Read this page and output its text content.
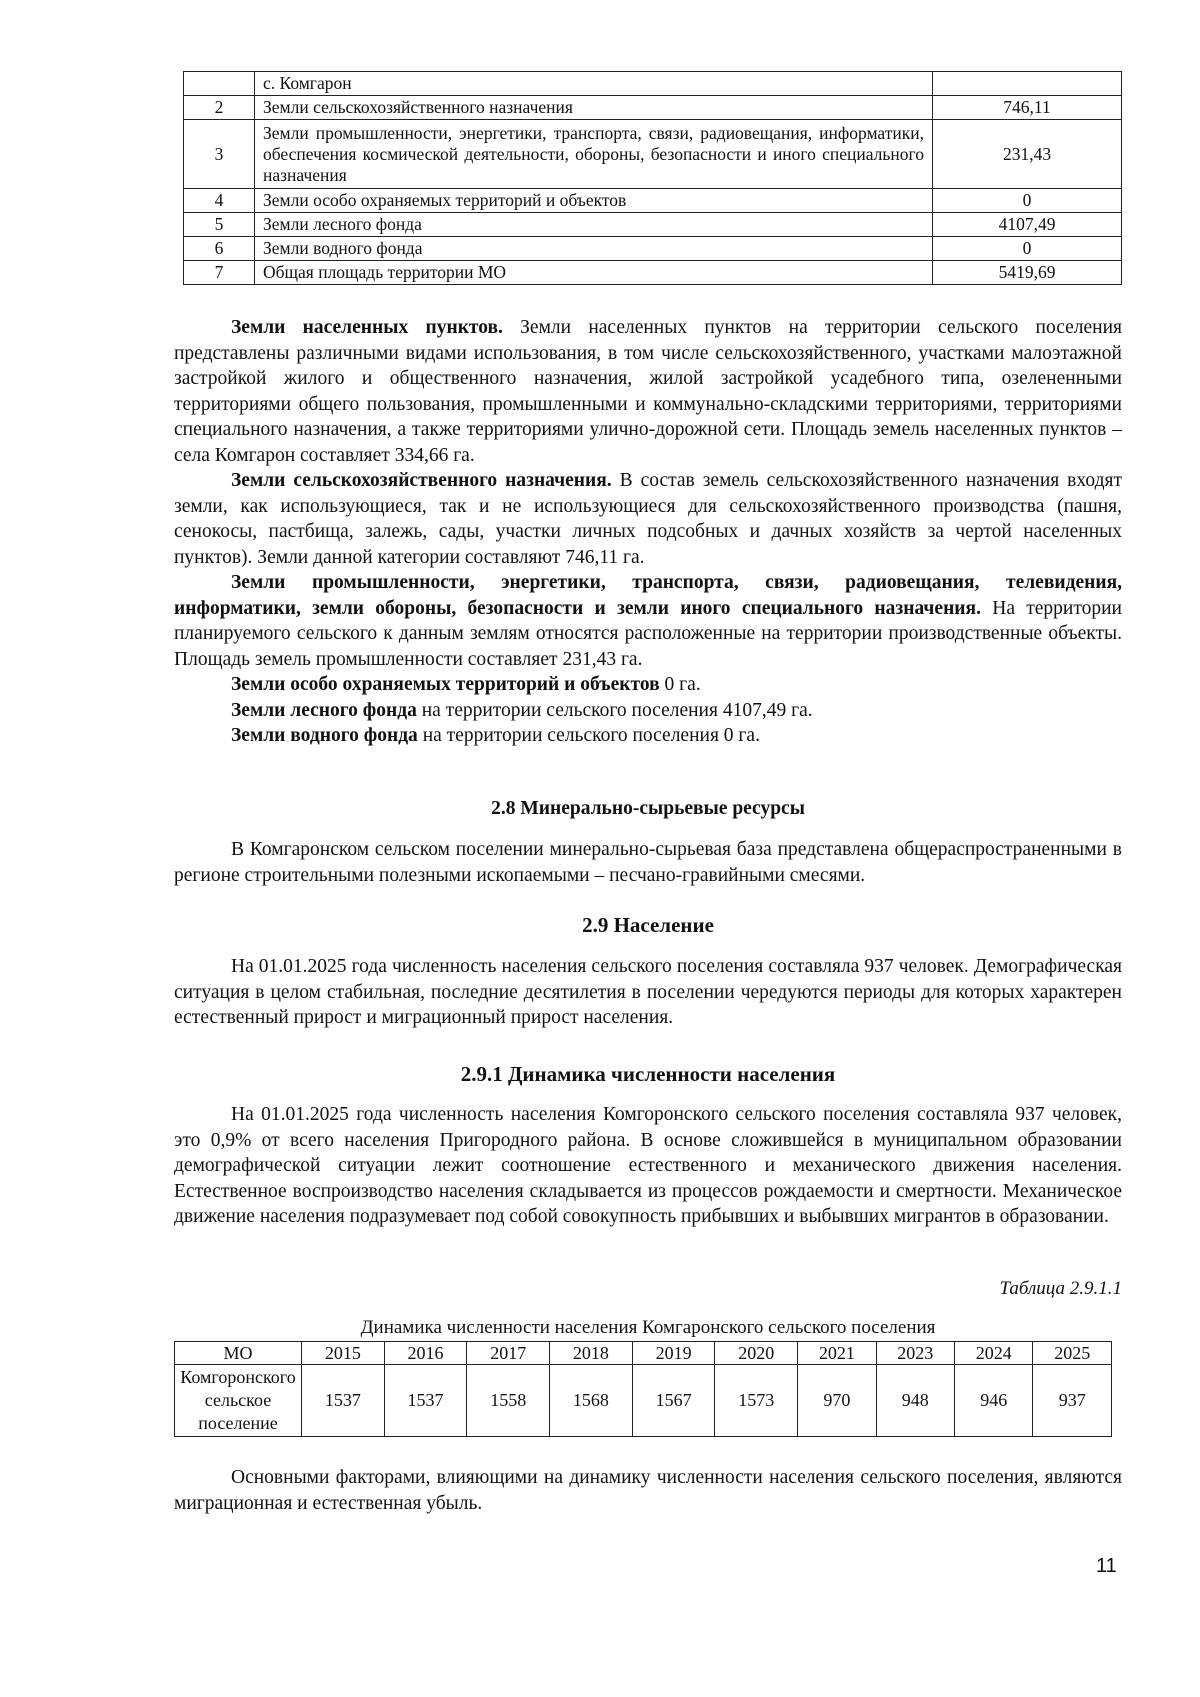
	с. Комгарон	
2	Земли сельскохозяйственного назначения	746,11
3	Земли промышленности, энергетики, транспорта, связи, радиовещания, информатики, обеспечения космической деятельности, обороны, безопасности и иного специального назначения	231,43
4	Земли особо охраняемых территорий и объектов	0
5	Земли лесного фонда	4107,49
6	Земли водного фонда	0
7	Общая площадь территории МО	5419,69

Земли населенных пунктов. Земли населенных пунктов на территории сельского поселения представлены различными видами использования, в том числе сельскохозяйственного, участками малоэтажной застройкой жилого и общественного назначения, жилой застройкой усадебного типа, озелененными территориями общего пользования, промышленными и коммунально-складскими территориями, территориями специального назначения, а также территориями улично-дорожной сети. Площадь земель населенных пунктов – села Комгарон составляет 334,66 га.

Земли сельскохозяйственного назначения. В состав земель сельскохозяйственного назначения входят земли, как использующиеся, так и не использующиеся для сельскохозяйственного производства (пашня, сенокосы, пастбища, залежь, сады, участки личных подсобных и дачных хозяйств за чертой населенных пунктов). Земли данной категории составляют 746,11 га.

Земли промышленности, энергетики, транспорта, связи, радиовещания, телевидения, информатики, земли обороны, безопасности и земли иного специального назначения. На территории планируемого сельского к данным землям относятся расположенные на территории производственные объекты. Площадь земель промышленности составляет 231,43 га.

Земли особо охраняемых территорий и объектов 0 га.

Земли лесного фонда на территории сельского поселения 4107,49 га.

Земли водного фонда на территории сельского поселения 0 га.

2.8 Минерально-сырьевые ресурсы

В Комгаронском сельском поселении минерально-сырьевая база представлена общераспространенными в регионе строительными полезными ископаемыми – песчано-гравийными смесями.

2.9 Население

На 01.01.2025 года численность населения сельского поселения составляла 937 человек. Демографическая ситуация в целом стабильная, последние десятилетия в поселении чередуются периоды для которых характерен естественный прирост и миграционный прирост населения.

2.9.1 Динамика численности населения

На 01.01.2025 года численность населения Комгоронского сельского поселения составляла 937 человек, это 0,9% от всего населения Пригородного района. В основе сложившейся в муниципальном образовании демографической ситуации лежит соотношение естественного и механического движения населения. Естественное воспроизводство населения складывается из процессов рождаемости и смертности. Механическое движение населения подразумевает под собой совокупность прибывших и выбывших мигрантов в образовании.

Таблица 2.9.1.1

Динамика численности населения Комгаронского сельского поселения

МО	2015	2016	2017	2018	2019	2020	2021	2023	2024	2025
Комгоронского сельское поселение	1537	1537	1558	1568	1567	1573	970	948	946	937

Основными факторами, влияющими на динамику численности населения сельского поселения, являются миграционная и естественная убыль.

11
